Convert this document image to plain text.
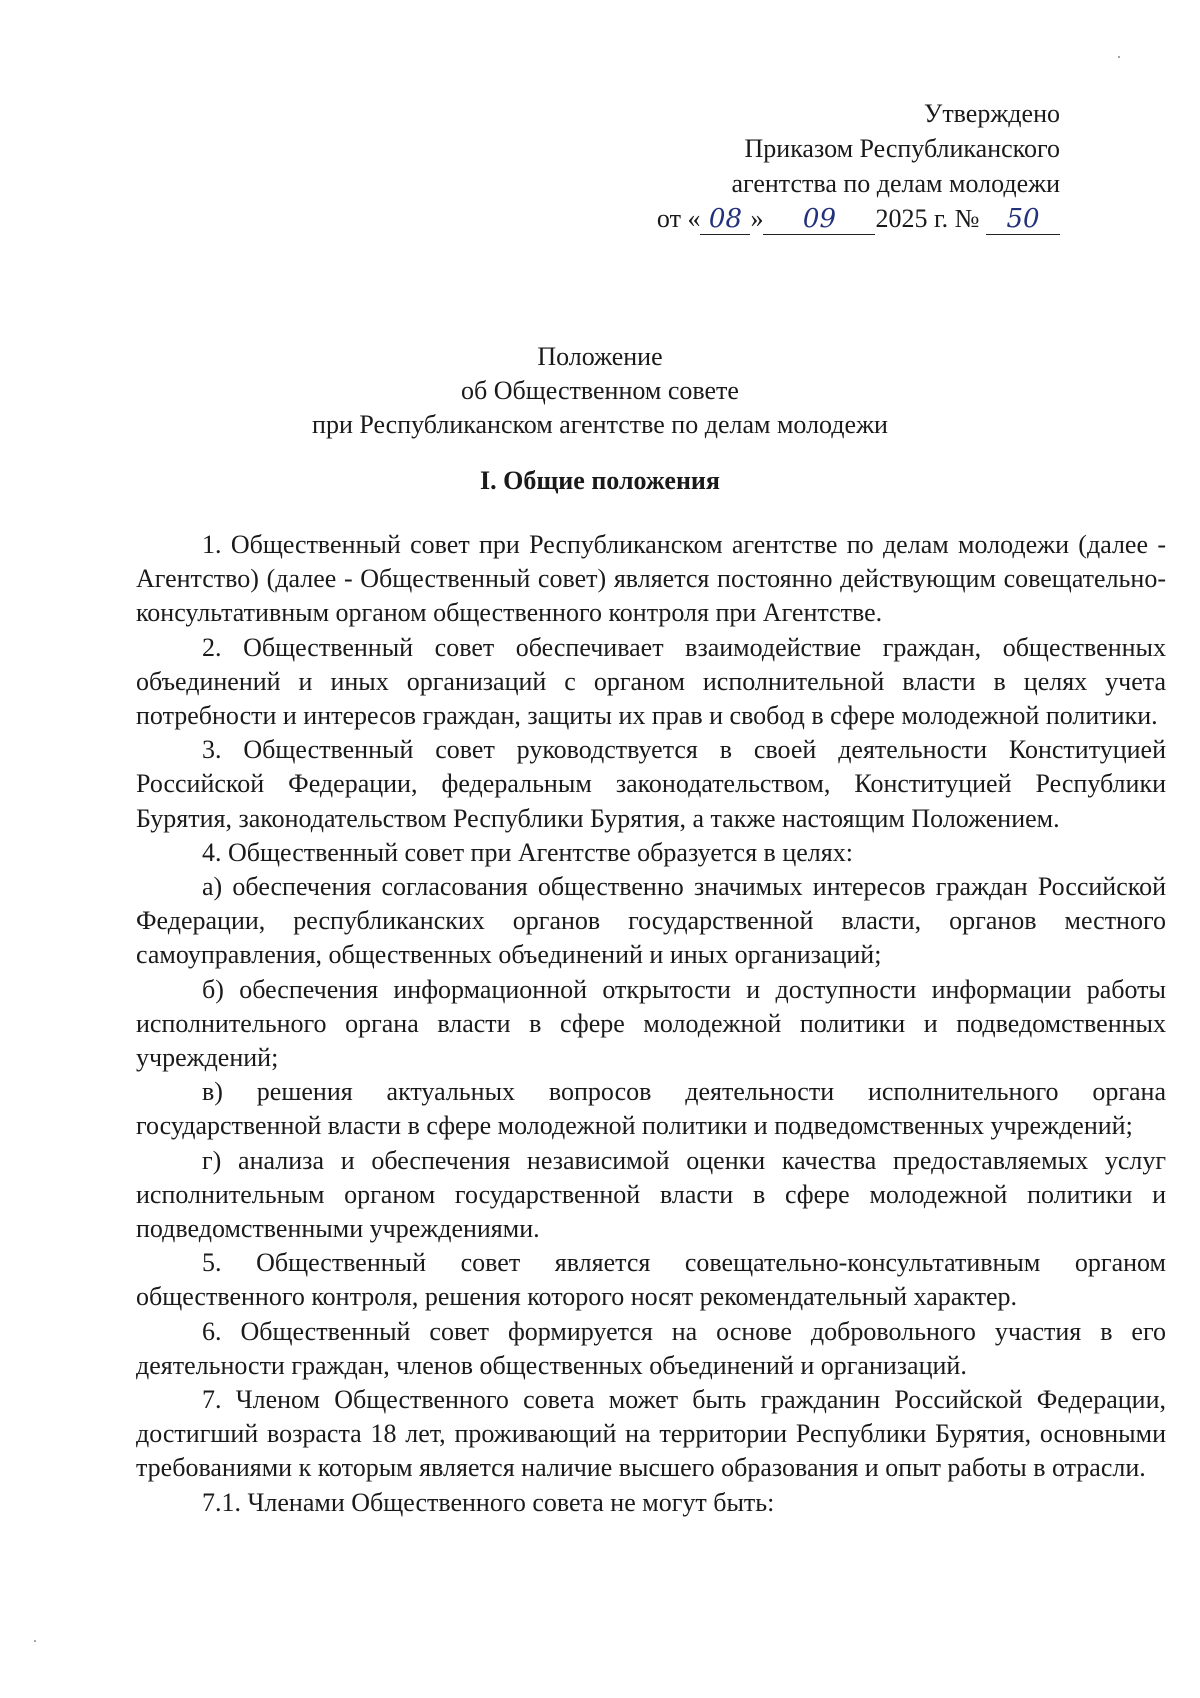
Утверждено
Приказом Республиканского
агентства по делам молодежи
от « 08 » 09 2025 г. № 50
Положение
об Общественном совете
при Республиканском агентстве по делам молодежи
I. Общие положения

1. Общественный совет при Республиканском агентстве по делам молодежи (далее - Агентство) (далее - Общественный совет) является постоянно действующим совещательно-консультативным органом общественного контроля при Агентстве.

2. Общественный совет обеспечивает взаимодействие граждан, общественных объединений и иных организаций с органом исполнительной власти в целях учета потребности и интересов граждан, защиты их прав и свобод в сфере молодежной политики.

3. Общественный совет руководствуется в своей деятельности Конституцией Российской Федерации, федеральным законодательством, Конституцией Республики Бурятия, законодательством Республики Бурятия, а также настоящим Положением.

4. Общественный совет при Агентстве образуется в целях:

а) обеспечения согласования общественно значимых интересов граждан Российской Федерации, республиканских органов государственной власти, органов местного самоуправления, общественных объединений и иных организаций;

б) обеспечения информационной открытости и доступности информации работы исполнительного органа власти в сфере молодежной политики и подведомственных учреждений;

в) решения актуальных вопросов деятельности исполнительного органа государственной власти в сфере молодежной политики и подведомственных учреждений;

г) анализа и обеспечения независимой оценки качества предоставляемых услуг исполнительным органом государственной власти в сфере молодежной политики и подведомственными учреждениями.

5. Общественный совет является совещательно-консультативным органом общественного контроля, решения которого носят рекомендательный характер.

6. Общественный совет формируется на основе добровольного участия в его деятельности граждан, членов общественных объединений и организаций.

7. Членом Общественного совета может быть гражданин Российской Федерации, достигший возраста 18 лет, проживающий на территории Республики Бурятия, основными требованиями к которым является наличие высшего образования и опыт работы в отрасли.

7.1. Членами Общественного совета не могут быть:
